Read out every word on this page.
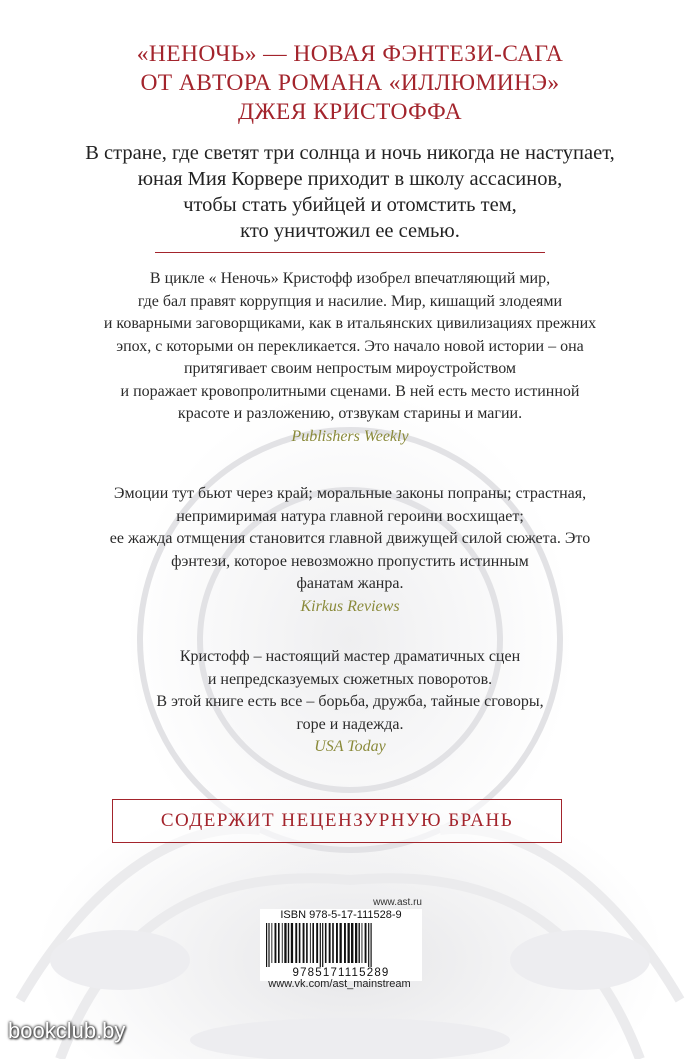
«НЕНОЧЬ» — НОВАЯ ФЭНТЕЗИ-САГА
ОТ АВТОРА РОМАНА «ИЛЛЮМИНЭ»
ДЖЕЯ КРИСТОФФА
В стране, где светят три солнца и ночь никогда не наступает,
юная Мия Корвере приходит в школу ассасинов,
чтобы стать убийцей и отомстить тем,
кто уничтожил ее семью.
В цикле « Неночь» Кристофф изобрел впечатляющий мир,
где бал правят коррупция и насилие. Мир, кишащий злодеями
и коварными заговорщиками, как в итальянских цивилизациях прежних
эпох, с которыми он перекликается. Это начало новой истории – она
притягивает своим непростым мироустройством
и поражает кровопролитными сценами. В ней есть место истинной
красоте и разложению, отзвукам старины и магии.
Publishers Weekly
Эмоции тут бьют через край; моральные законы попраны; страстная,
непримиримая натура главной героини восхищает;
ее жажда отмщения становится главной движущей силой сюжета. Это
фэнтези, которое невозможно пропустить истинным
фанатам жанра.
Kirkus Reviews
Кристофф – настоящий мастер драматичных сцен
и непредсказуемых сюжетных поворотов.
В этой книге есть все – борьба, дружба, тайные сговоры,
горе и надежда.
USA Today
СОДЕРЖИТ НЕЦЕНЗУРНУЮ БРАНЬ
www.ast.ru
ISBN 978-5-17-111528-9
9785171115289
www.vk.com/ast_mainstream
bookclub.by
